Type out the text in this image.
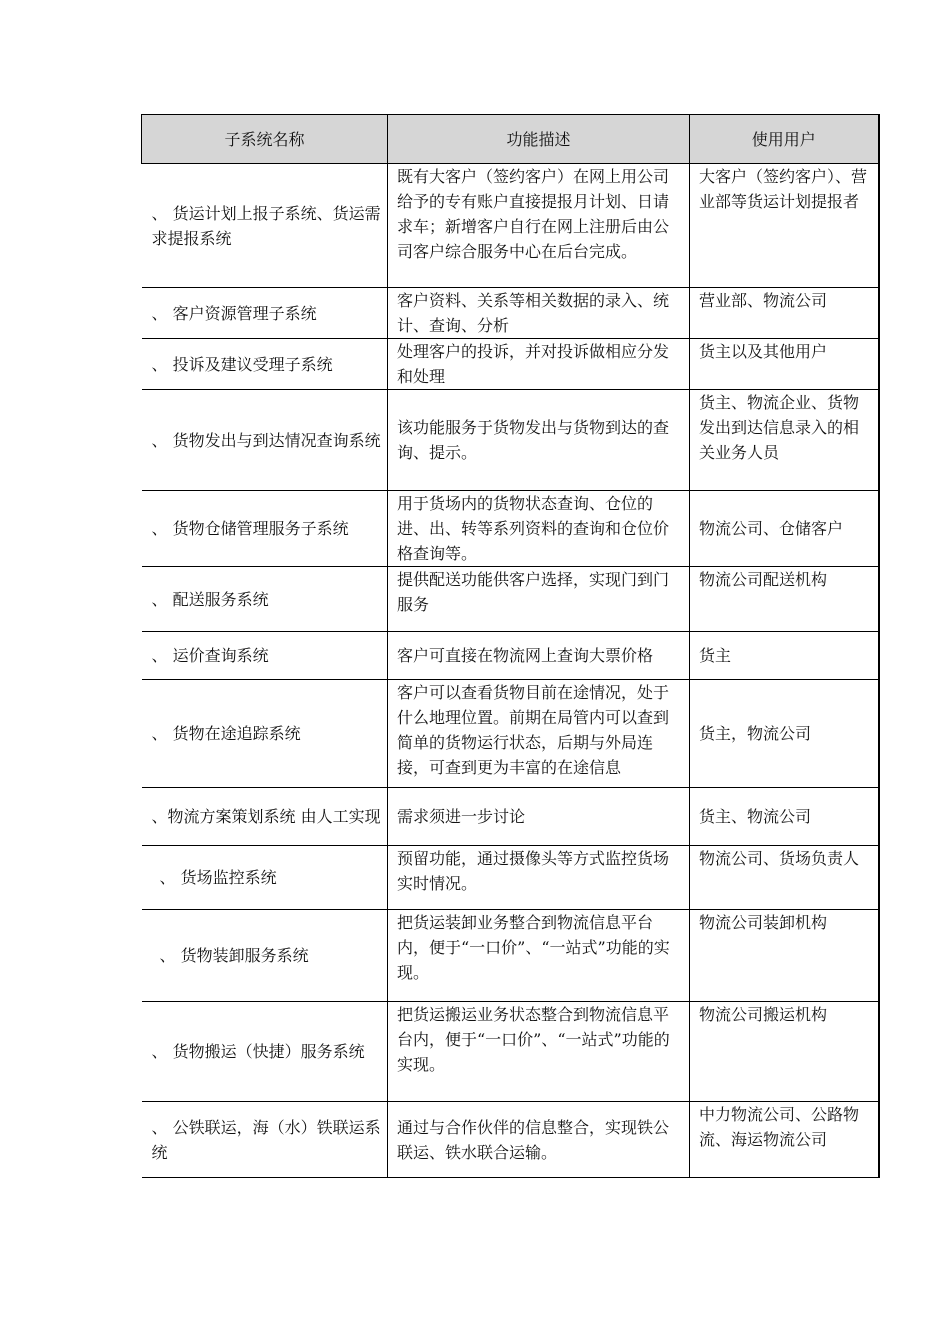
子系统名称	功能描述	使用用户
、 货运计划上报子系统、货运需求提报系统	既有大客户（签约客户）在网上用公司给予的专有账户直接提报月计划、日请求车；新增客户自行在网上注册后由公司客户综合服务中心在后台完成。	大客户（签约客户）、营业部等货运计划提报者
、 客户资源管理子系统	客户资料、关系等相关数据的录入、统计、查询、分析	营业部、物流公司
、 投诉及建议受理子系统	处理客户的投诉，并对投诉做相应分发和处理	货主以及其他用户
、 货物发出与到达情况查询系统	该功能服务于货物发出与货物到达的查询、提示。	货主、物流企业、货物发出到达信息录入的相关业务人员
、 货物仓储管理服务子系统	用于货场内的货物状态查询、仓位的进、出、转等系列资料的查询和仓位价格查询等。	物流公司、仓储客户
、 配送服务系统	提供配送功能供客户选择，实现门到门服务	物流公司配送机构
、 运价查询系统	客户可直接在物流网上查询大票价格	货主
、 货物在途追踪系统	客户可以查看货物目前在途情况，处于什么地理位置。前期在局管内可以查到简单的货物运行状态，后期与外局连接，可查到更为丰富的在途信息	货主，物流公司
、物流方案策划系统 由人工实现	需求须进一步讨论	货主、物流公司
、 货场监控系统	预留功能，通过摄像头等方式监控货场实时情况。	物流公司、货场负责人
、 货物装卸服务系统	把货运装卸业务整合到物流信息平台内，便于“一口价”、“一站式”功能的实现。	物流公司装卸机构
、 货物搬运（快捷）服务系统	把货运搬运业务状态整合到物流信息平台内，便于“一口价”、“一站式”功能的实现。	物流公司搬运机构
、 公铁联运，海（水）铁联运系统	通过与合作伙伴的信息整合，实现铁公联运、铁水联合运输。	中力物流公司、公路物流、海运物流公司
